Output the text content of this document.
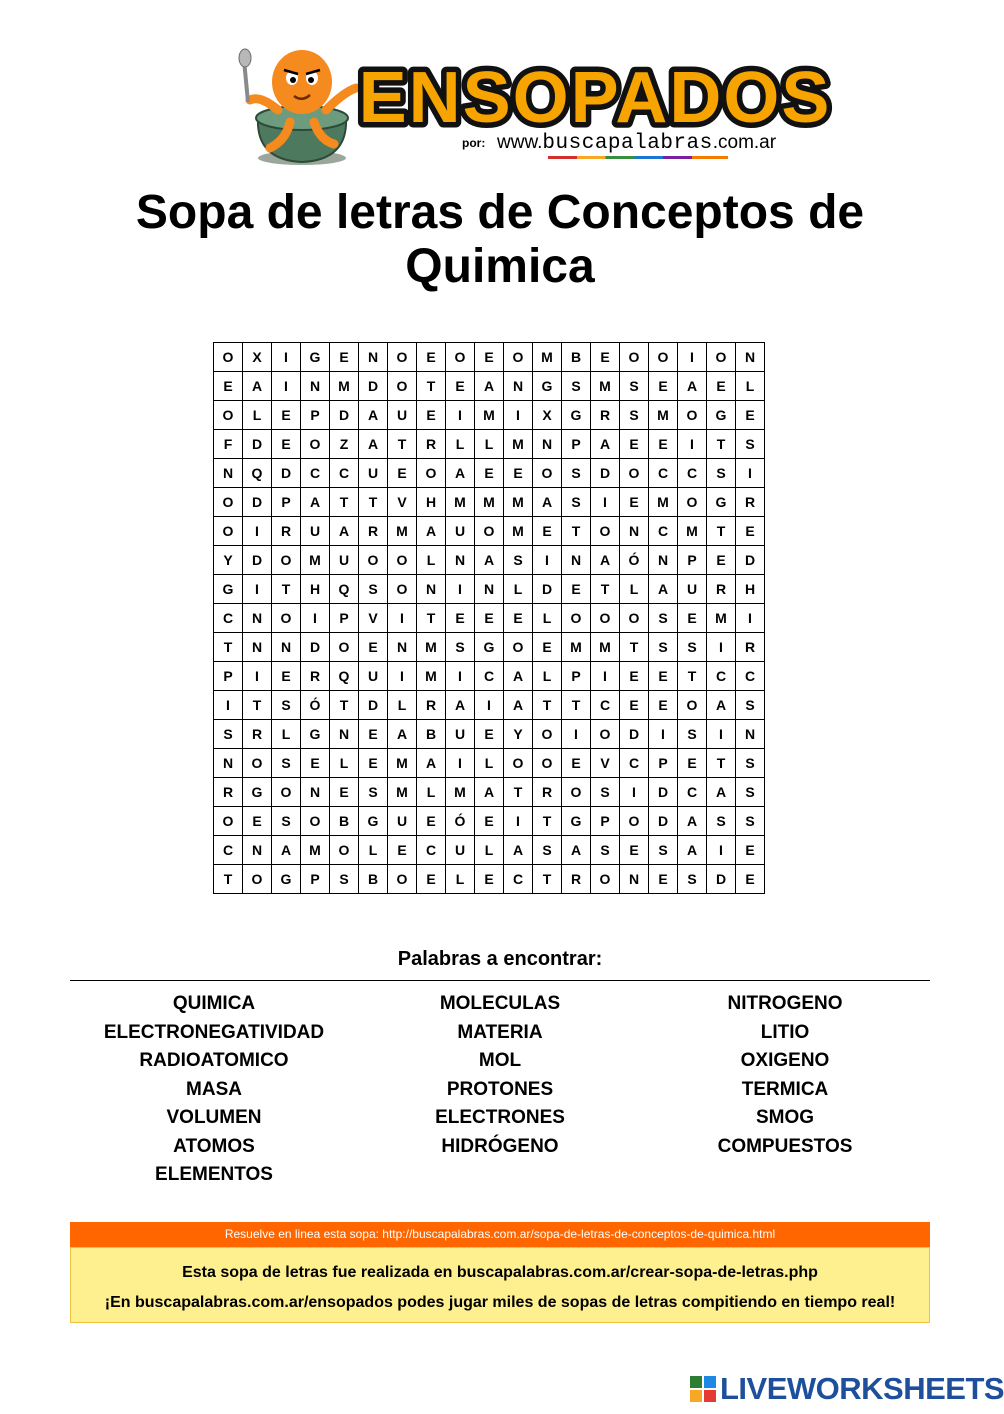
ENSOPADOS
por: www.buscapalabras.com.ar
Sopa de letras de Conceptos de Quimica
O	X	I	G	E	N	O	E	O	E	O	M	B	E	O	O	I	O	N
E	A	I	N	M	D	O	T	E	A	N	G	S	M	S	E	A	E	L
O	L	E	P	D	A	U	E	I	M	I	X	G	R	S	M	O	G	E
F	D	E	O	Z	A	T	R	L	L	M	N	P	A	E	E	I	T	S
N	Q	D	C	C	U	E	O	A	E	E	O	S	D	O	C	C	S	I
O	D	P	A	T	T	V	H	M	M	M	A	S	I	E	M	O	G	R
O	I	R	U	A	R	M	A	U	O	M	E	T	O	N	C	M	T	E
Y	D	O	M	U	O	O	L	N	A	S	I	N	A	Ó	N	P	E	D
G	I	T	H	Q	S	O	N	I	N	L	D	E	T	L	A	U	R	H
C	N	O	I	P	V	I	T	E	E	E	L	O	O	O	S	E	M	I
T	N	N	D	O	E	N	M	S	G	O	E	M	M	T	S	S	I	R
P	I	E	R	Q	U	I	M	I	C	A	L	P	I	E	E	T	C	C
I	T	S	Ó	T	D	L	R	A	I	A	T	T	C	E	E	O	A	S
S	R	L	G	N	E	A	B	U	E	Y	O	I	O	D	I	S	I	N
N	O	S	E	L	E	M	A	I	L	O	O	E	V	C	P	E	T	S
R	G	O	N	E	S	M	L	M	A	T	R	O	S	I	D	C	A	S
O	E	S	O	B	G	U	E	Ó	E	I	T	G	P	O	D	A	S	S
C	N	A	M	O	L	E	C	U	L	A	S	A	S	E	S	A	I	E
T	O	G	P	S	B	O	E	L	E	C	T	R	O	N	E	S	D	E
Palabras a encontrar:
QUIMICA
ELECTRONEGATIVIDAD
RADIOATOMICO
MASA
VOLUMEN
ATOMOS
ELEMENTOS
MOLECULAS
MATERIA
MOL
PROTONES
ELECTRONES
HIDRÓGENO
NITROGENO
LITIO
OXIGENO
TERMICA
SMOG
COMPUESTOS
Resuelve en linea esta sopa: http://buscapalabras.com.ar/sopa-de-letras-de-conceptos-de-quimica.html
Esta sopa de letras fue realizada en buscapalabras.com.ar/crear-sopa-de-letras.php
¡En buscapalabras.com.ar/ensopados podes jugar miles de sopas de letras compitiendo en tiempo real!
LIVEWORKSHEETS
